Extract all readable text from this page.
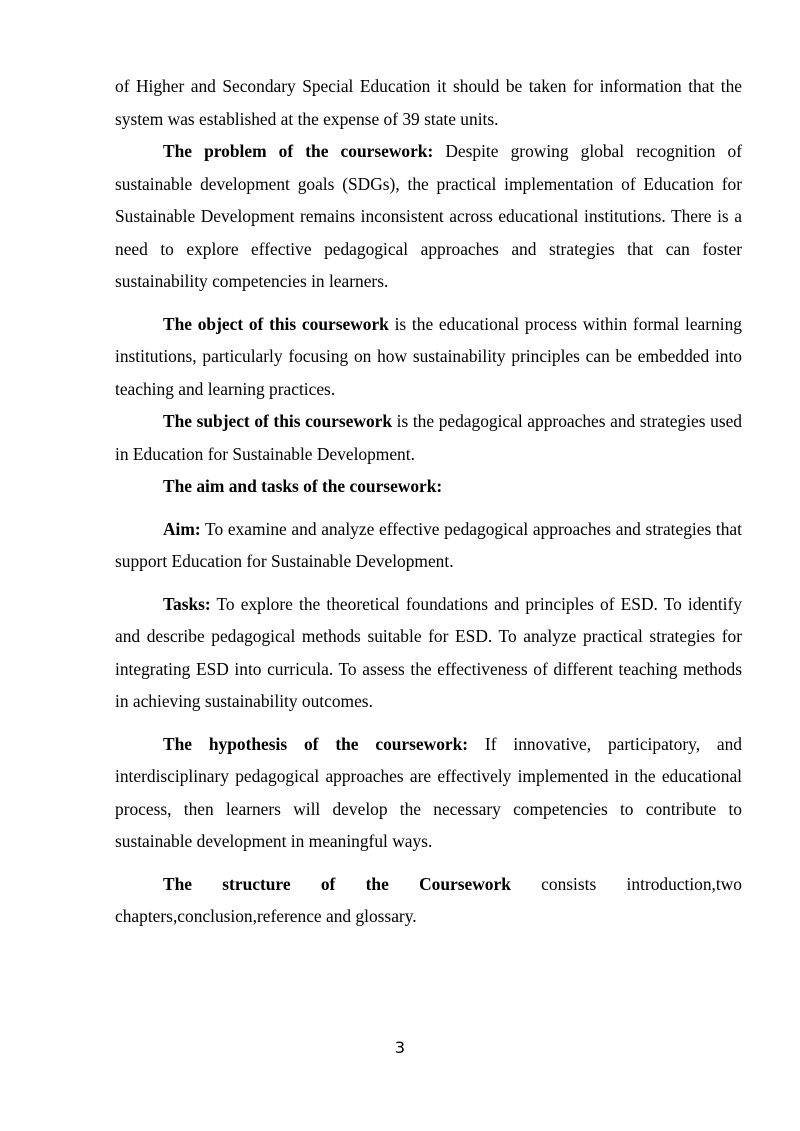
of Higher and Secondary Special Education it should be taken for information that the system was established at the expense of 39 state units.

The problem of the coursework: Despite growing global recognition of sustainable development goals (SDGs), the practical implementation of Education for Sustainable Development remains inconsistent across educational institutions. There is a need to explore effective pedagogical approaches and strategies that can foster sustainability competencies in learners.

The object of this coursework is the educational process within formal learning institutions, particularly focusing on how sustainability principles can be embedded into teaching and learning practices.

The subject of this coursework is the pedagogical approaches and strategies used in Education for Sustainable Development.

The aim and tasks of the coursework:

Aim: To examine and analyze effective pedagogical approaches and strategies that support Education for Sustainable Development.

Tasks: To explore the theoretical foundations and principles of ESD. To identify and describe pedagogical methods suitable for ESD. To analyze practical strategies for integrating ESD into curricula. To assess the effectiveness of different teaching methods in achieving sustainability outcomes.

The hypothesis of the coursework: If innovative, participatory, and interdisciplinary pedagogical approaches are effectively implemented in the educational process, then learners will develop the necessary competencies to contribute to sustainable development in meaningful ways.

The structure of the Coursework consists introduction,two
chapters,conclusion,reference and glossary.

3
